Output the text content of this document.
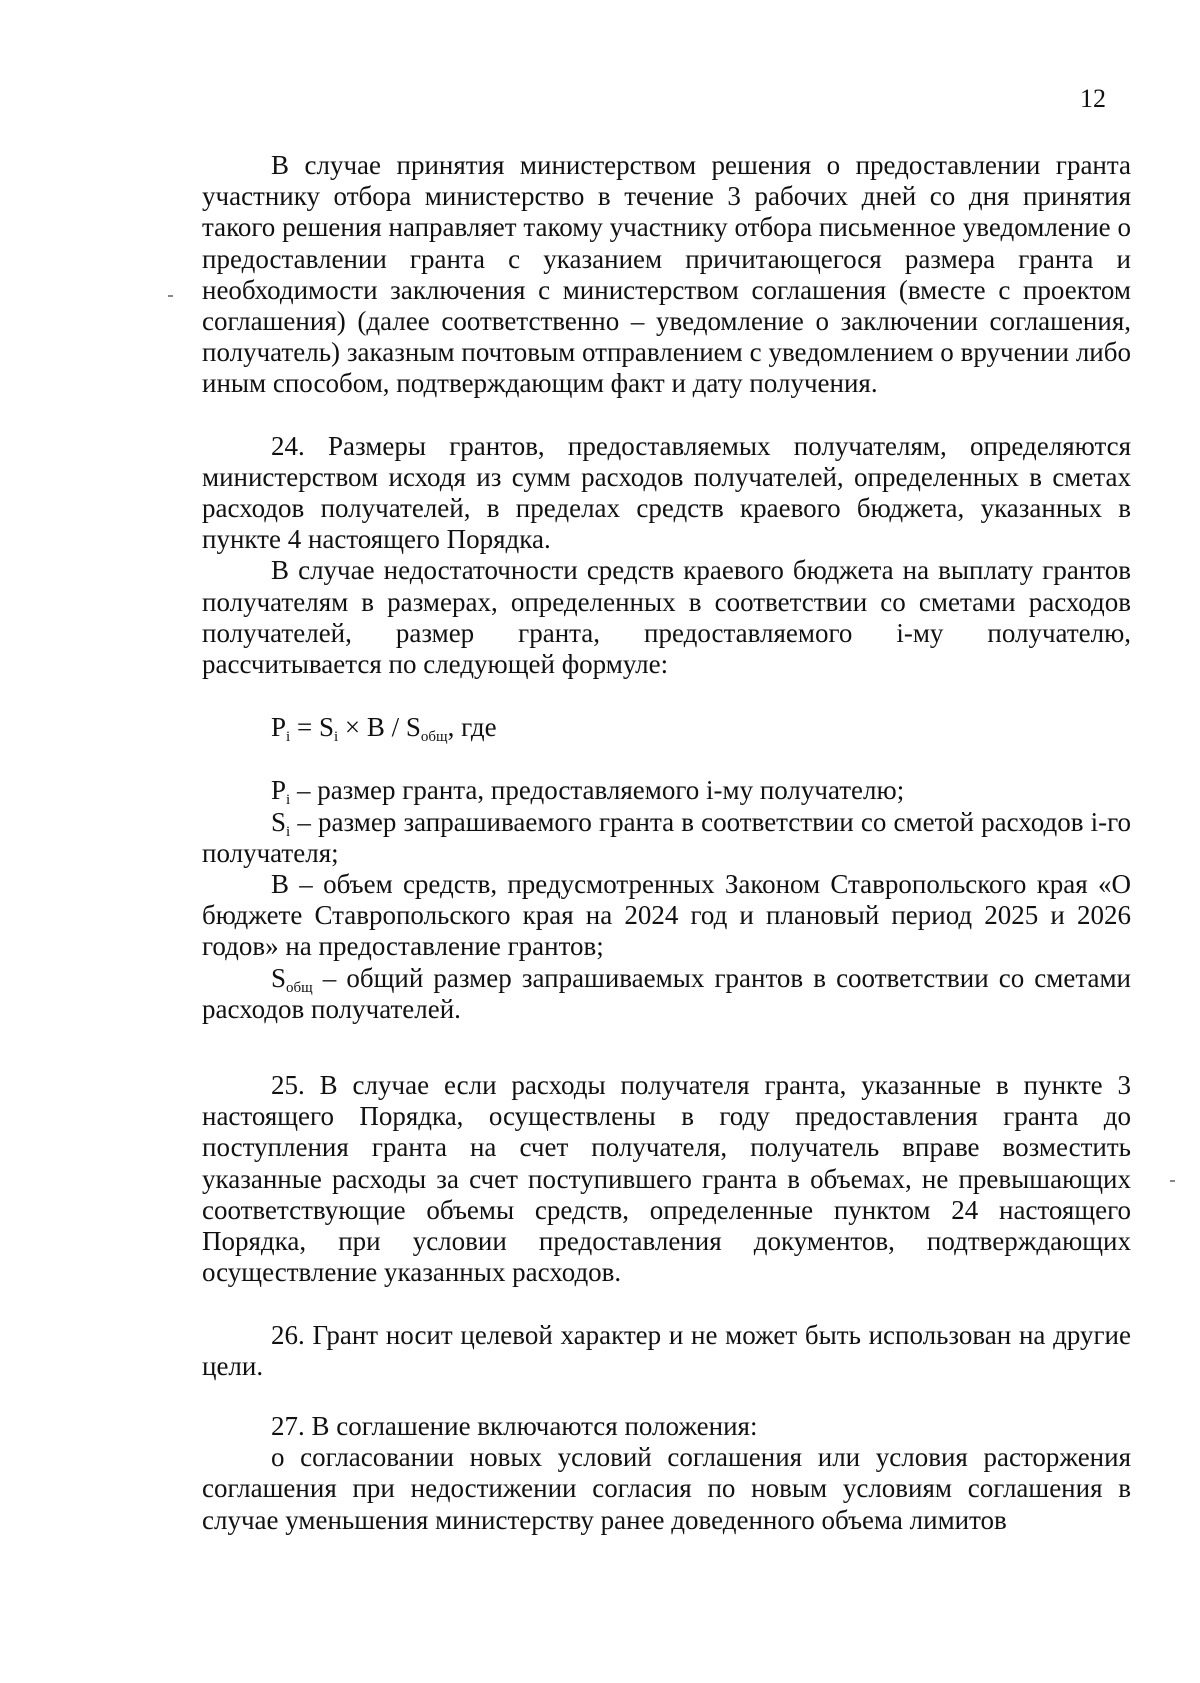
12

В случае принятия министерством решения о предоставлении гранта участнику отбора министерство в течение 3 рабочих дней со дня принятия такого решения направляет такому участнику отбора письменное уведомление о предоставлении гранта с указанием причитающегося размера гранта и необходимости заключения с министерством соглашения (вместе с проектом соглашения) (далее соответственно – уведомление о заключении соглашения, получатель) заказным почтовым отправлением с уведомлением о вручении либо иным способом, подтверждающим факт и дату получения.

24. Размеры грантов, предоставляемых получателям, определяются министерством исходя из сумм расходов получателей, определенных в сметах расходов получателей, в пределах средств краевого бюджета, указанных в пункте 4 настоящего Порядка.

В случае недостаточности средств краевого бюджета на выплату грантов получателям в размерах, определенных в соответствии со сметами расходов получателей, размер гранта, предоставляемого i-му получателю, рассчитывается по следующей формуле:

$P_i = S_i \times B / S_{общ}$, где

$P_i$ – размер гранта, предоставляемого i-му получателю;

$S_i$ – размер запрашиваемого гранта в соответствии со сметой расходов i-го получателя;

В – объем средств, предусмотренных Законом Ставропольского края «О бюджете Ставропольского края на 2024 год и плановый период 2025 и 2026 годов» на предоставление грантов;

$S_{общ}$ – общий размер запрашиваемых грантов в соответствии со сметами расходов получателей.

25. В случае если расходы получателя гранта, указанные в пункте 3 настоящего Порядка, осуществлены в году предоставления гранта до поступления гранта на счет получателя, получатель вправе возместить указанные расходы за счет поступившего гранта в объемах, не превышающих соответствующие объемы средств, определенные пунктом 24 настоящего Порядка, при условии предоставления документов, подтверждающих осуществление указанных расходов.

26. Грант носит целевой характер и не может быть использован на другие цели.

27. В соглашение включаются положения:

о согласовании новых условий соглашения или условия расторжения соглашения при недостижении согласия по новым условиям соглашения в случае уменьшения министерству ранее доведенного объема лимитов
